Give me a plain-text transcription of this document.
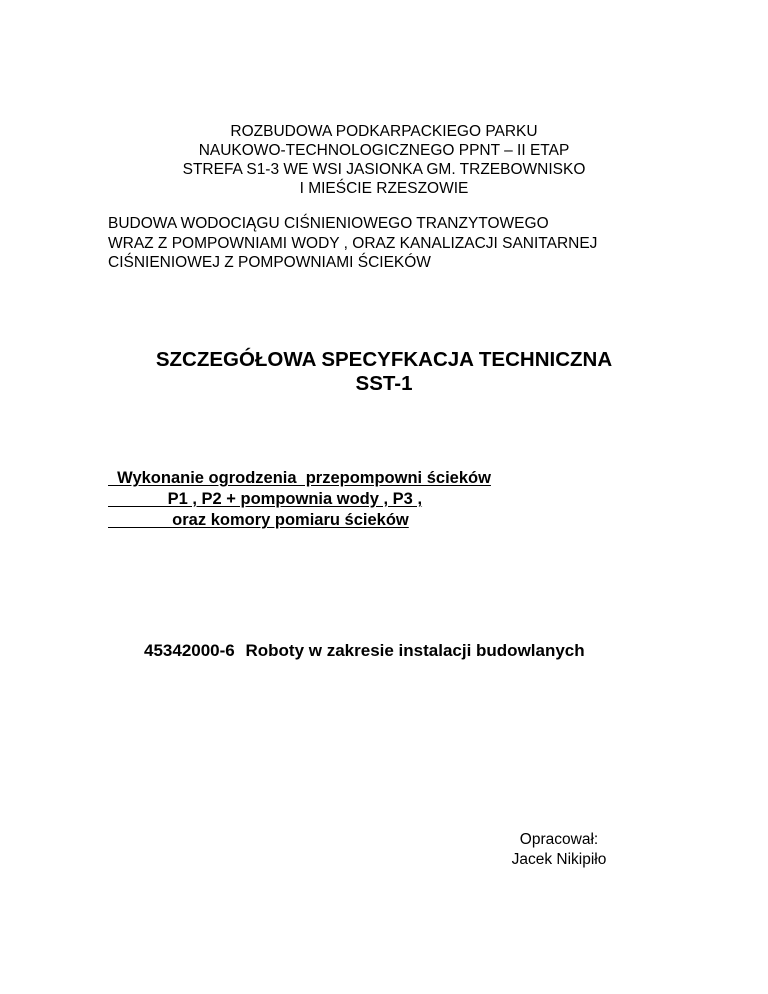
ROZBUDOWA PODKARPACKIEGO PARKU
NAUKOWO-TECHNOLOGICZNEGO PPNT – II ETAP
STREFA S1-3 WE WSI JASIONKA GM. TRZEBOWNISKO
I MIEŚCIE RZESZOWIE
BUDOWA WODOCIĄGU CIŚNIENIOWEGO TRANZYTOWEGO
WRAZ Z POMPOWNIAMI WODY , ORAZ KANALIZACJI SANITARNEJ
CIŚNIENIOWEJ Z POMPOWNIAMI ŚCIEKÓW
SZCZEGÓŁOWA SPECYFKACJA TECHNICZNA
SST-1
Wykonanie ogrodzenia  przepompowni ścieków
P1 , P2 + pompownia wody , P3 ,
oraz komory pomiaru ścieków
45342000-6 Roboty w zakresie instalacji budowlanych
Opracował:
Jacek Nikipiło
